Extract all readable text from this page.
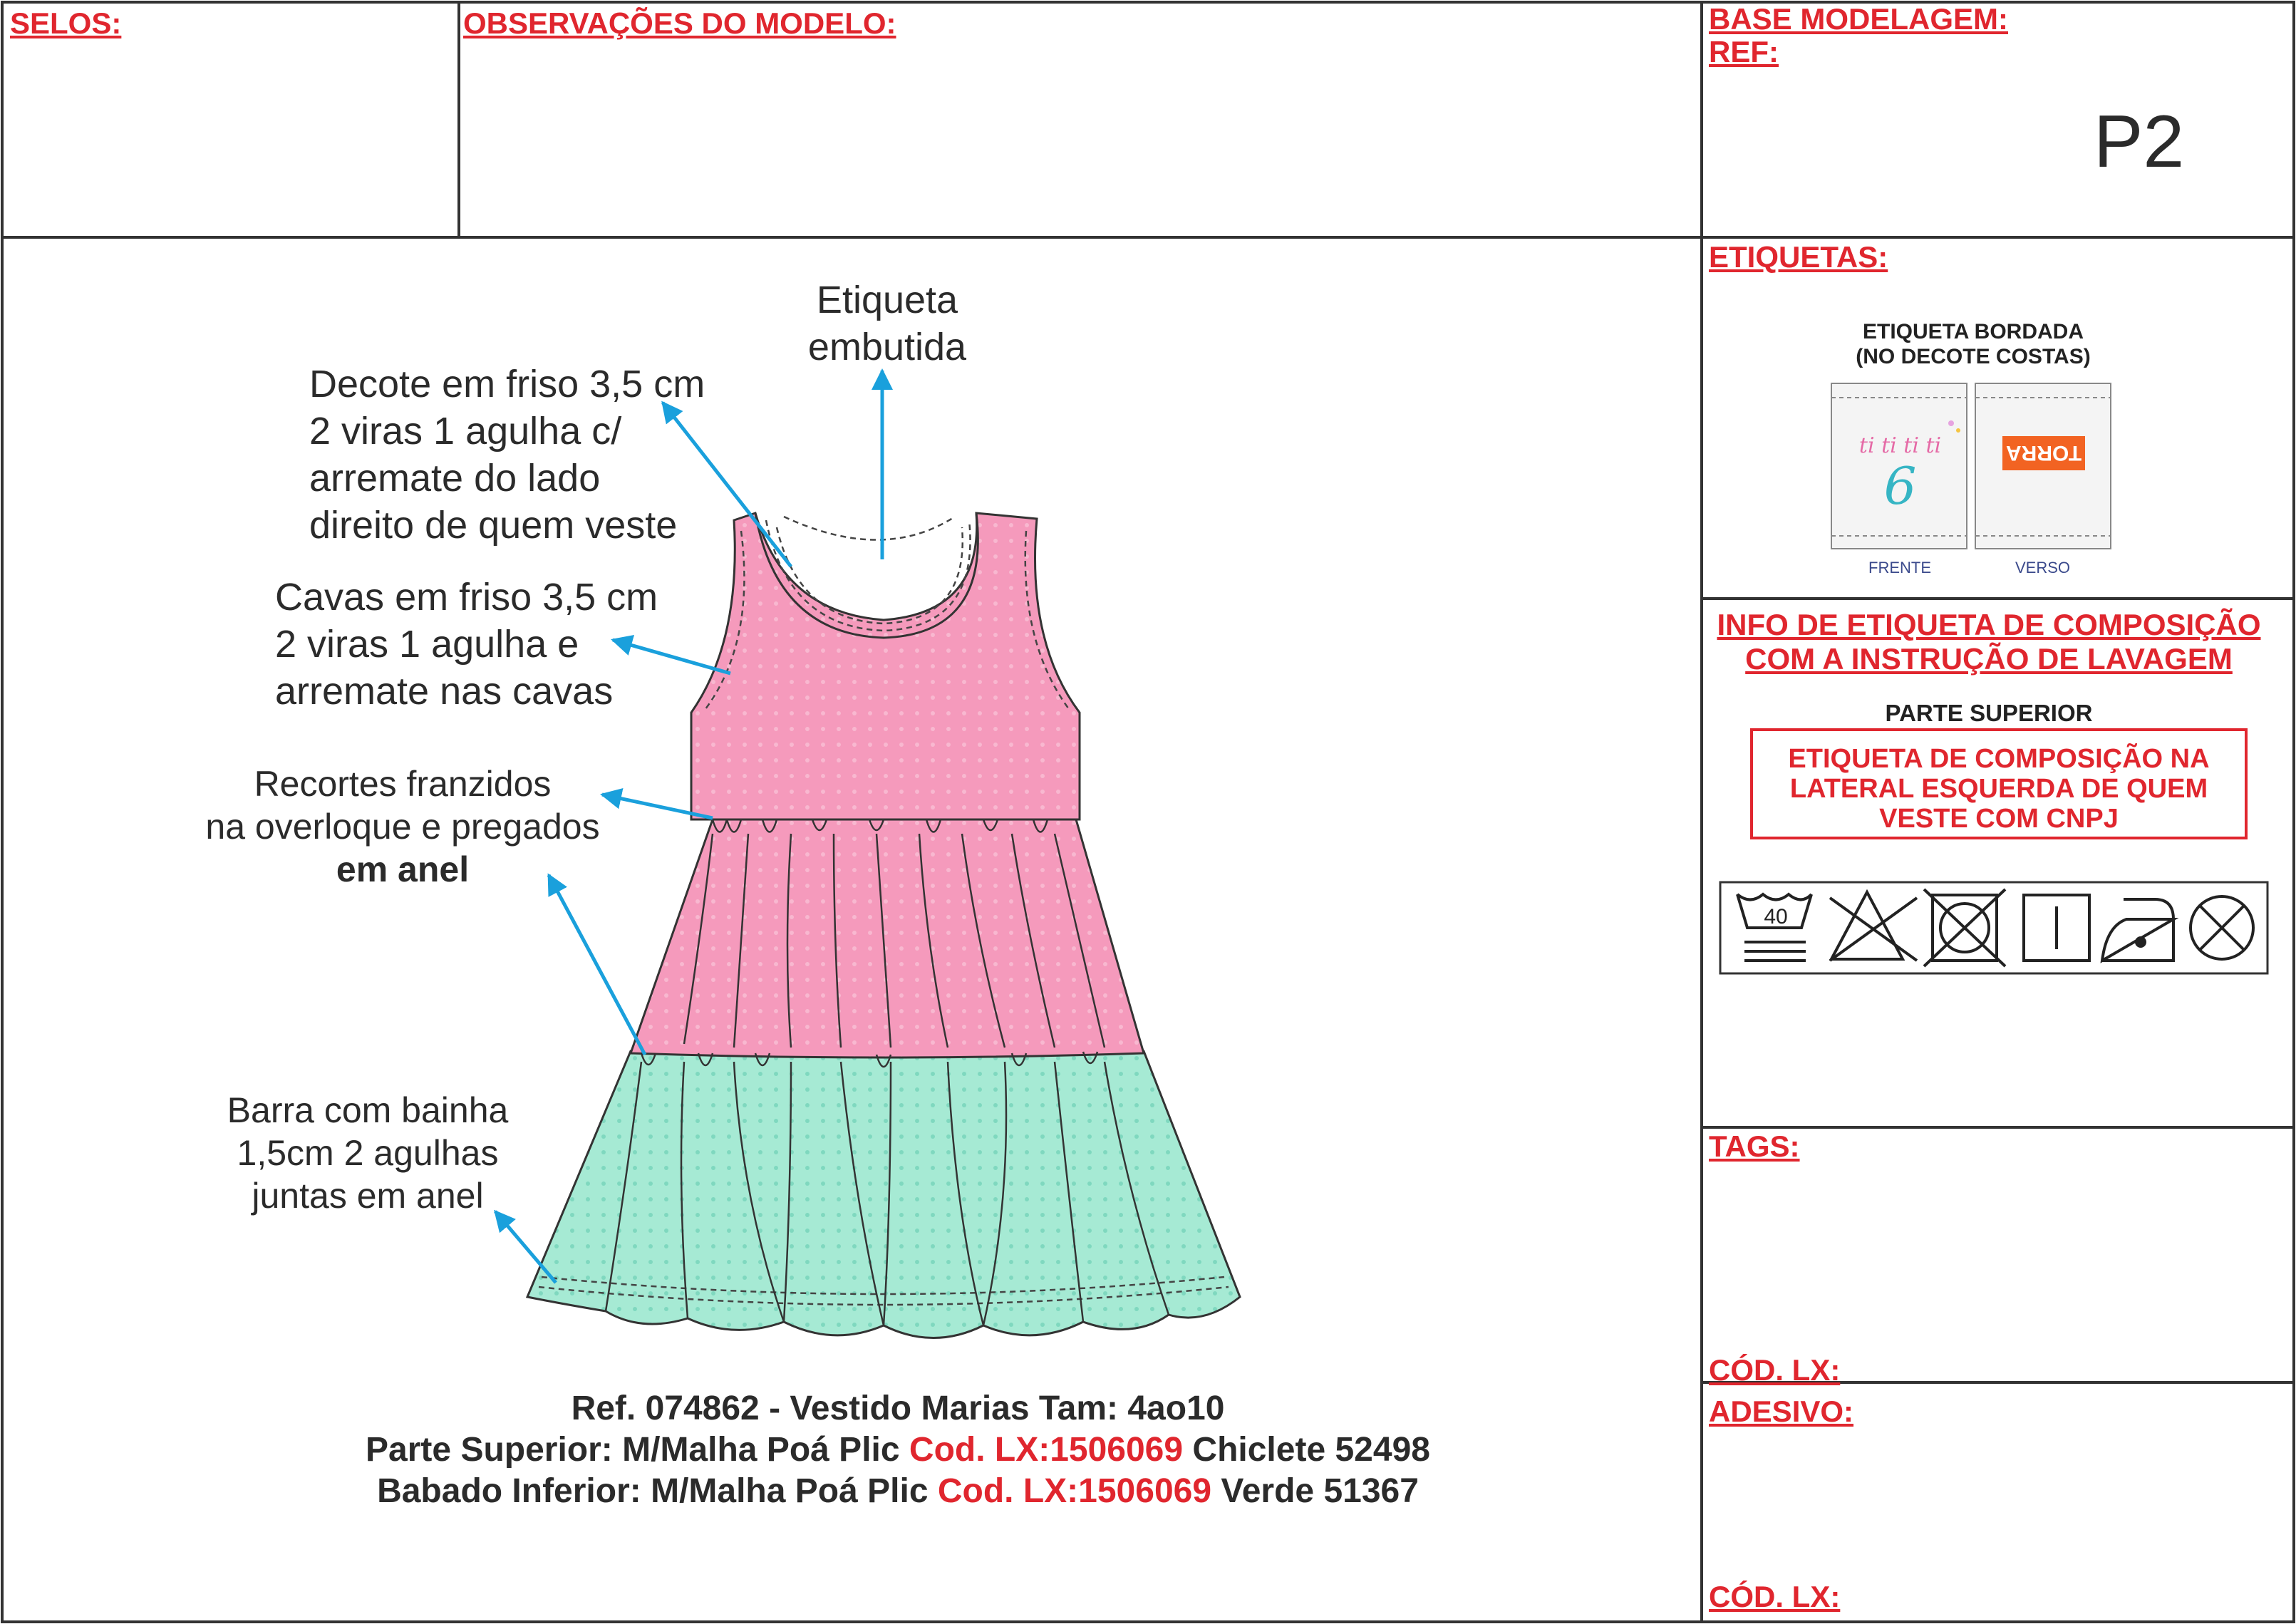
SELOS:	OBSERVAÇÕES DO MODELO:	BASE MODELAGEM:
REF:
P2
ETIQUETAS:
ETIQUETA BORDADA
(NO DECOTE COSTAS)
ti ti ti ti
6
TORRA
FRENTE	VERSO
INFO DE ETIQUETA DE COMPOSIÇÃO
COM A INSTRUÇÃO DE LAVAGEM
PARTE SUPERIOR
ETIQUETA DE COMPOSIÇÃO NA
LATERAL ESQUERDA DE QUEM
VESTE COM CNPJ
40
TAGS:
CÓD. LX:
ADESIVO:
CÓD. LX:
Etiqueta
embutida
Decote em friso 3,5 cm
2 viras 1 agulha c/
arremate do lado
direito de quem veste
Cavas em friso 3,5 cm
2 viras 1 agulha e
arremate nas cavas
Recortes franzidos
na overloque e pregados
em anel
Barra com bainha
1,5cm 2 agulhas
juntas em anel
Ref. 074862 - Vestido Marias Tam: 4ao10
Parte Superior: M/Malha Poá Plic Cod. LX:1506069 Chiclete 52498
Babado Inferior: M/Malha Poá Plic Cod. LX:1506069 Verde 51367
